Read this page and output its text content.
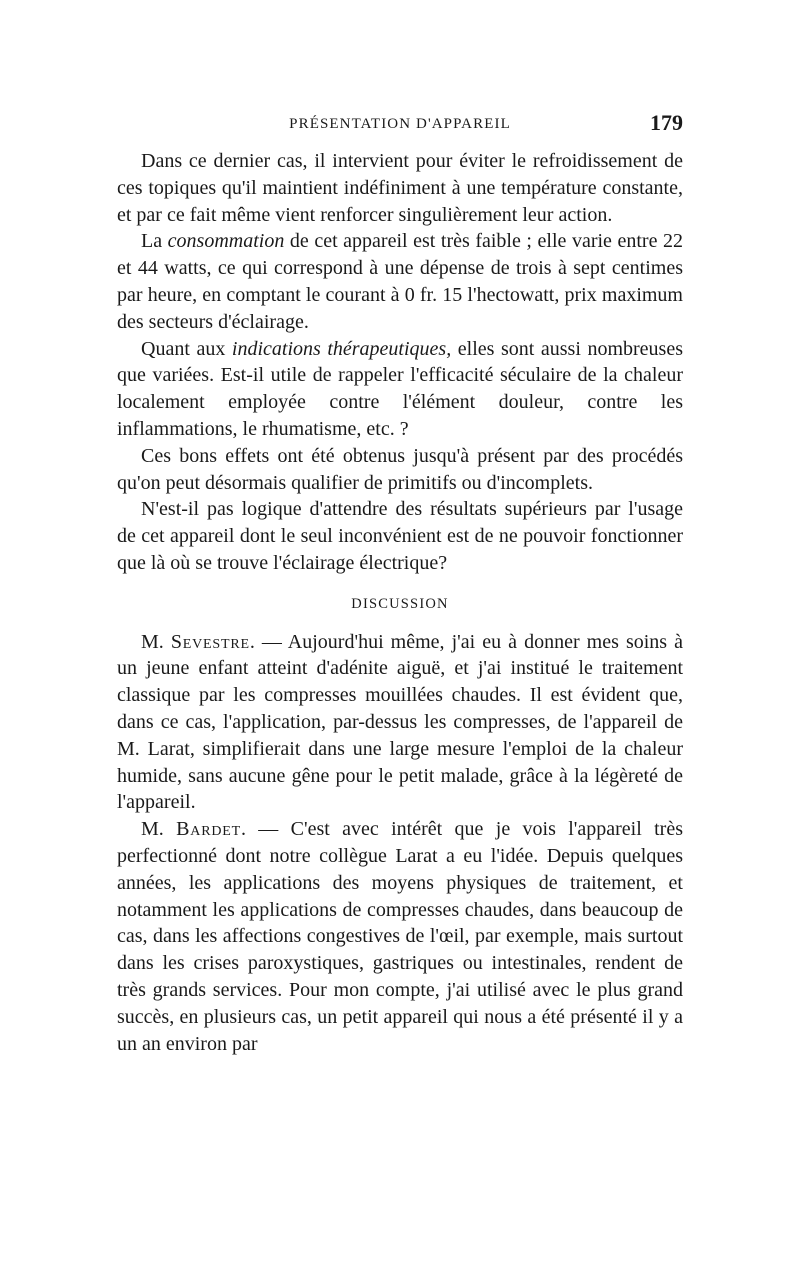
PRÉSENTATION D'APPAREIL	179

Dans ce dernier cas, il intervient pour éviter le refroidissement de ces topiques qu'il maintient indéfiniment à une température constante, et par ce fait même vient renforcer singulièrement leur action.

La consommation de cet appareil est très faible ; elle varie entre 22 et 44 watts, ce qui correspond à une dépense de trois à sept centimes par heure, en comptant le courant à 0 fr. 15 l'hectowatt, prix maximum des secteurs d'éclairage.

Quant aux indications thérapeutiques, elles sont aussi nombreuses que variées. Est-il utile de rappeler l'efficacité séculaire de la chaleur localement employée contre l'élément douleur, contre les inflammations, le rhumatisme, etc. ?

Ces bons effets ont été obtenus jusqu'à présent par des procédés qu'on peut désormais qualifier de primitifs ou d'incomplets.

N'est-il pas logique d'attendre des résultats supérieurs par l'usage de cet appareil dont le seul inconvénient est de ne pouvoir fonctionner que là où se trouve l'éclairage électrique?

DISCUSSION

M. Sevestre. — Aujourd'hui même, j'ai eu à donner mes soins à un jeune enfant atteint d'adénite aiguë, et j'ai institué le traitement classique par les compresses mouillées chaudes. Il est évident que, dans ce cas, l'application, par-dessus les compresses, de l'appareil de M. Larat, simplifierait dans une large mesure l'emploi de la chaleur humide, sans aucune gêne pour le petit malade, grâce à la légèreté de l'appareil.

M. Bardet. — C'est avec intérêt que je vois l'appareil très perfectionné dont notre collègue Larat a eu l'idée. Depuis quelques années, les applications des moyens physiques de traitement, et notamment les applications de compresses chaudes, dans beaucoup de cas, dans les affections congestives de l'œil, par exemple, mais surtout dans les crises paroxystiques, gastriques ou intestinales, rendent de très grands services. Pour mon compte, j'ai utilisé avec le plus grand succès, en plusieurs cas, un petit appareil qui nous a été présenté il y a un an environ par
